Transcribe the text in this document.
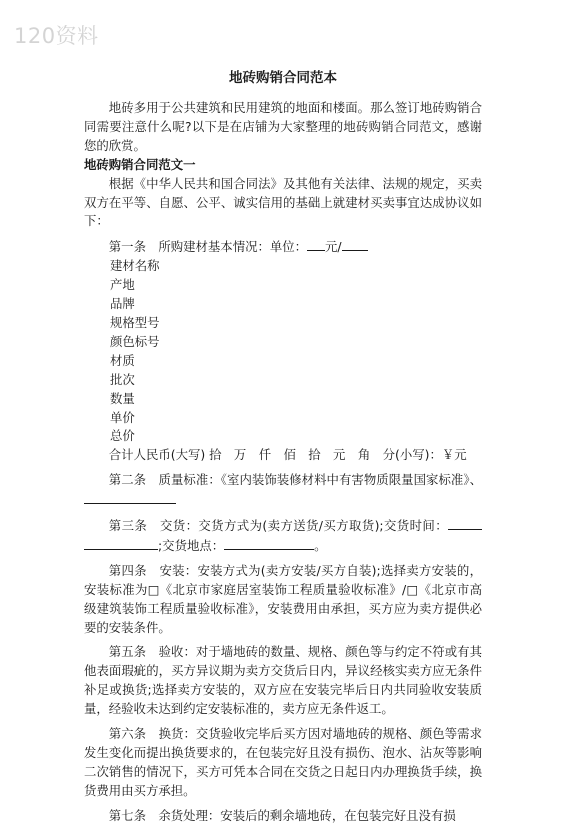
120资料
地砖购销合同范本

地砖多用于公共建筑和民用建筑的地面和楼面。那么签订地砖购销合同需要注意什么呢?以下是在店铺为大家整理的地砖购销合同范文，感谢您的欣赏。

地砖购销合同范文一

根据《中华人民共和国合同法》及其他有关法律、法规的规定，买卖双方在平等、自愿、公平、诚实信用的基础上就建材买卖事宜达成协议如下：

第一条　所购建材基本情况：单位： 元/

建材名称

产地

品牌

规格型号

颜色标号

材质

批次

数量

单价

总价

合计人民币(大写) 拾　万　仟　佰　拾　元　角　分(小写)：￥元

第二条　质量标准：《室内装饰装修材料中有害物质限量国家标准》、

第三条　交货：交货方式为(卖方送货/买方取货);交货时间：;交货地点：	。

第四条　安装：安装方式为(卖方安装/买方自装);选择卖方安装的，安装标准为□《北京市家庭居室装饰工程质量验收标准》/□《北京市高级建筑装饰工程质量验收标准》，安装费用由承担，买方应为卖方提供必要的安装条件。

第五条　验收：对于墙地砖的数量、规格、颜色等与约定不符或有其他表面瑕疵的，买方异议期为卖方交货后日内，异议经核实卖方应无条件补足或换货;选择卖方安装的，双方应在安装完毕后日内共同验收安装质量，经验收未达到约定安装标准的，卖方应无条件返工。

第六条　换货：交货验收完毕后买方因对墙地砖的规格、颜色等需求发生变化而提出换货要求的，在包装完好且没有损伤、泡水、沾灰等影响二次销售的情况下，买方可凭本合同在交货之日起日内办理换货手续，换货费用由买方承担。

第七条　余货处理：安装后的剩余墙地砖，在包装完好且没有损
